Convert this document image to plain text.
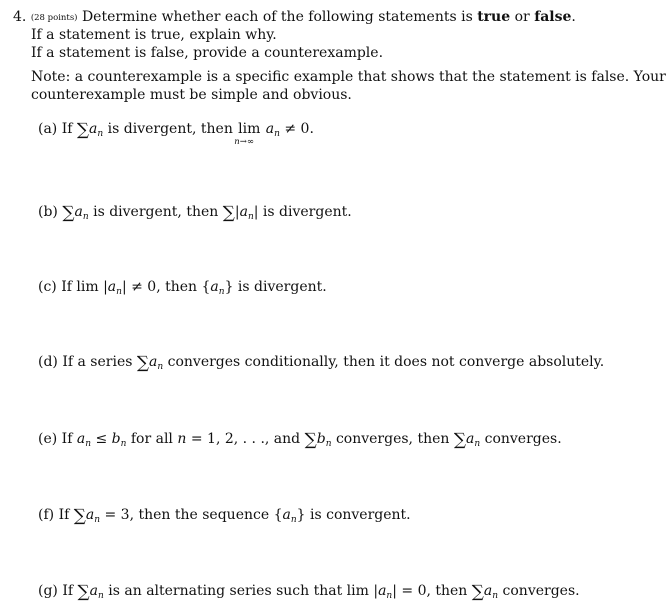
4. (28 points) Determine whether each of the following statements is true or false.
If a statement is true, explain why.
If a statement is false, provide a counterexample.
Note: a counterexample is a specific example that shows that the statement is false. Your
counterexample must be simple and obvious.
(a) If $\sum a_n$ is divergent, then lim
n→∞
$a_n \ne 0$.
(b) $\sum a_n$ is divergent, then $\sum|a_n|$ is divergent.
(c) If $\lim |a_n| \ne 0$, then $\{a_n\}$ is divergent.
(d) If a series $\sum a_n$ converges conditionally, then it does not converge absolutely.
(e) If $a_n \le b_n$ for all n = 1, 2, . . ., and $\sum b_n$ converges, then $\sum a_n$ converges.
(f) If $\sum a_n = 3$, then the sequence $\{a_n\}$ is convergent.
(g) If $\sum a_n$ is an alternating series such that $\lim |a_n| = 0$, then $\sum a_n$ converges.
